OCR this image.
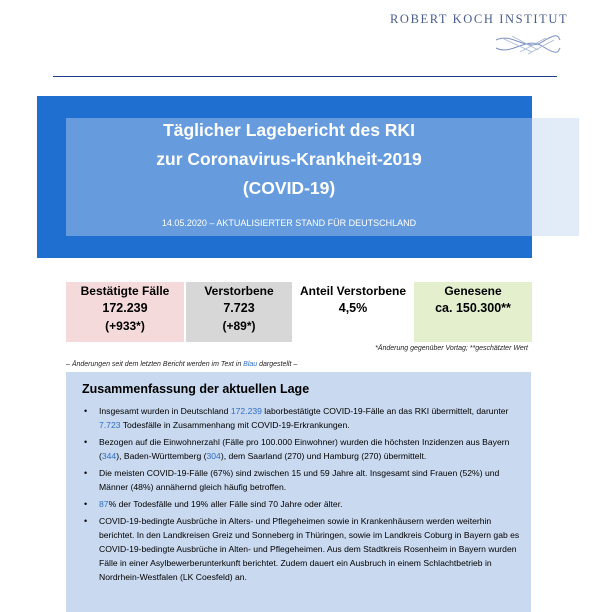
ROBERT KOCH INSTITUT
Täglicher Lagebericht des RKI
zur Coronavirus-Krankheit-2019
(COVID-19)
14.05.2020 – AKTUALISIERTER STAND FÜR DEUTSCHLAND
Bestätigte Fälle
172.239
(+933*)
Verstorbene
7.723
(+89*)
Anteil Verstorbene
4,5%
Genesene
ca. 150.300**
*Änderung gegenüber Vortag; **geschätzter Wert
– Änderungen seit dem letzten Bericht werden im Text in Blau dargestellt –
Zusammenfassung der aktuellen Lage
• Insgesamt wurden in Deutschland 172.239 laborbestätigte COVID-19-Fälle an das RKI übermittelt, darunter 7.723 Todesfälle in Zusammenhang mit COVID-19-Erkrankungen.
• Bezogen auf die Einwohnerzahl (Fälle pro 100.000 Einwohner) wurden die höchsten Inzidenzen aus Bayern (344), Baden-Württemberg (304), dem Saarland (270) und Hamburg (270) übermittelt.
• Die meisten COVID-19-Fälle (67%) sind zwischen 15 und 59 Jahre alt. Insgesamt sind Frauen (52%) und Männer (48%) annähernd gleich häufig betroffen.
• 87% der Todesfälle und 19% aller Fälle sind 70 Jahre oder älter.
• COVID-19-bedingte Ausbrüche in Alters- und Pflegeheimen sowie in Krankenhäusern werden weiterhin berichtet. In den Landkreisen Greiz und Sonneberg in Thüringen, sowie im Landkreis Coburg in Bayern gab es COVID-19-bedingte Ausbrüche in Alten- und Pflegeheimen. Aus dem Stadtkreis Rosenheim in Bayern wurden Fälle in einer Asylbewerberunterkunft berichtet. Zudem dauert ein Ausbruch in einem Schlachtbetrieb in Nordrhein-Westfalen (LK Coesfeld) an.
